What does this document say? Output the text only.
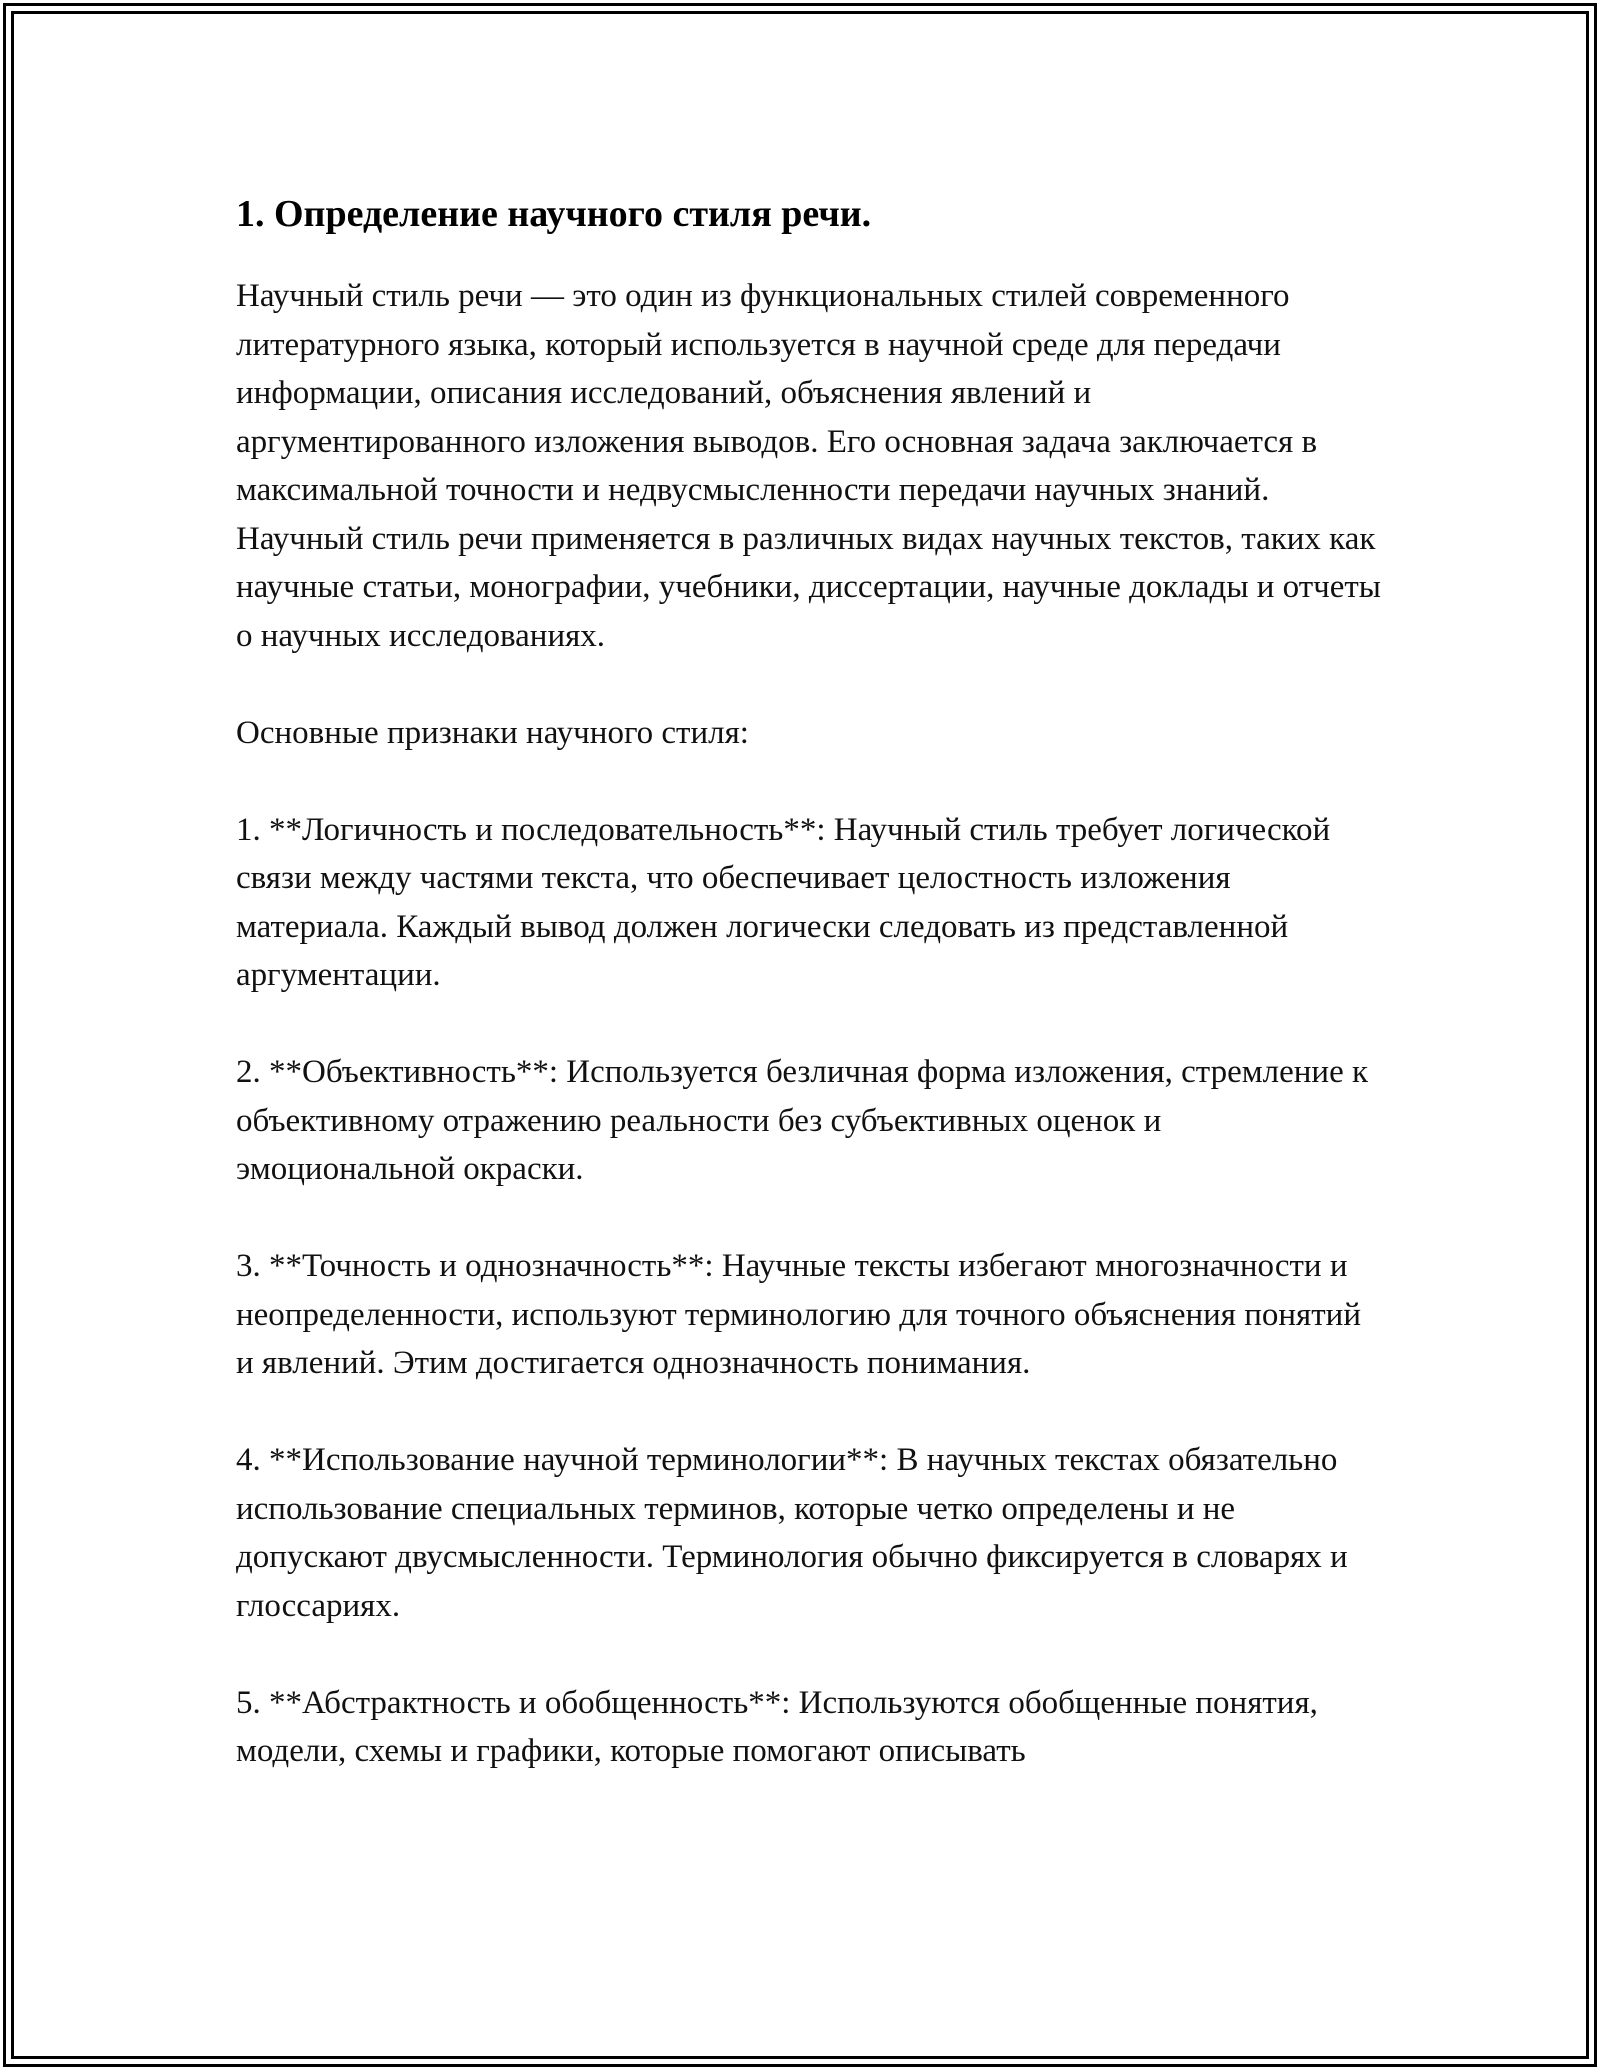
1. Определение научного стиля речи.

Научный стиль речи — это один из функциональных стилей современного литературного языка, который используется в научной среде для передачи информации, описания исследований, объяснения явлений и аргументированного изложения выводов. Его основная задача заключается в максимальной точности и недвусмысленности передачи научных знаний. Научный стиль речи применяется в различных видах научных текстов, таких как научные статьи, монографии, учебники, диссертации, научные доклады и отчеты о научных исследованиях.

Основные признаки научного стиля:

1. **Логичность и последовательность**: Научный стиль требует логической связи между частями текста, что обеспечивает целостность изложения материала. Каждый вывод должен логически следовать из представленной аргументации.

2. **Объективность**: Используется безличная форма изложения, стремление к объективному отражению реальности без субъективных оценок и эмоциональной окраски.

3. **Точность и однозначность**: Научные тексты избегают многозначности и неопределенности, используют терминологию для точного объяснения понятий и явлений. Этим достигается однозначность понимания.

4. **Использование научной терминологии**: В научных текстах обязательно использование специальных терминов, которые четко определены и не допускают двусмысленности. Терминология обычно фиксируется в словарях и глоссариях.

5. **Абстрактность и обобщенность**: Используются обобщенные понятия, модели, схемы и графики, которые помогают описывать
